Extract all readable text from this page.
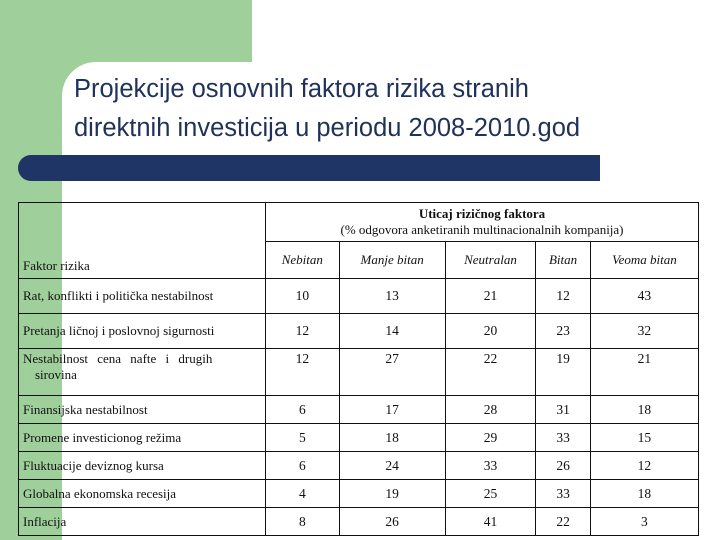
Projekcije osnovnih faktora rizika stranih
direktnih investicija u periodu 2008-2010.god
Faktor rizika	Uticaj rizičnog faktora
(% odgovora anketiranih multinacionalnih kompanija)				

	Nebitan	Manje bitan	Neutralan	Bitan	Veoma bitan
Rat, konflikti i politička nestabilnost	10	13	21	12	43
Pretanja ličnoj i poslovnoj sigurnosti	12	14	20	23	32

Nestabilnost cena nafte i drugih
sirovina	12	27	22	19	21
Finansijska nestabilnost	6	17	28	31	18
Promene investicionog režima	5	18	29	33	15
Fluktuacije deviznog kursa	6	24	33	26	12
Globalna ekonomska recesija	4	19	25	33	18
Inflacija	8	26	41	22	3
